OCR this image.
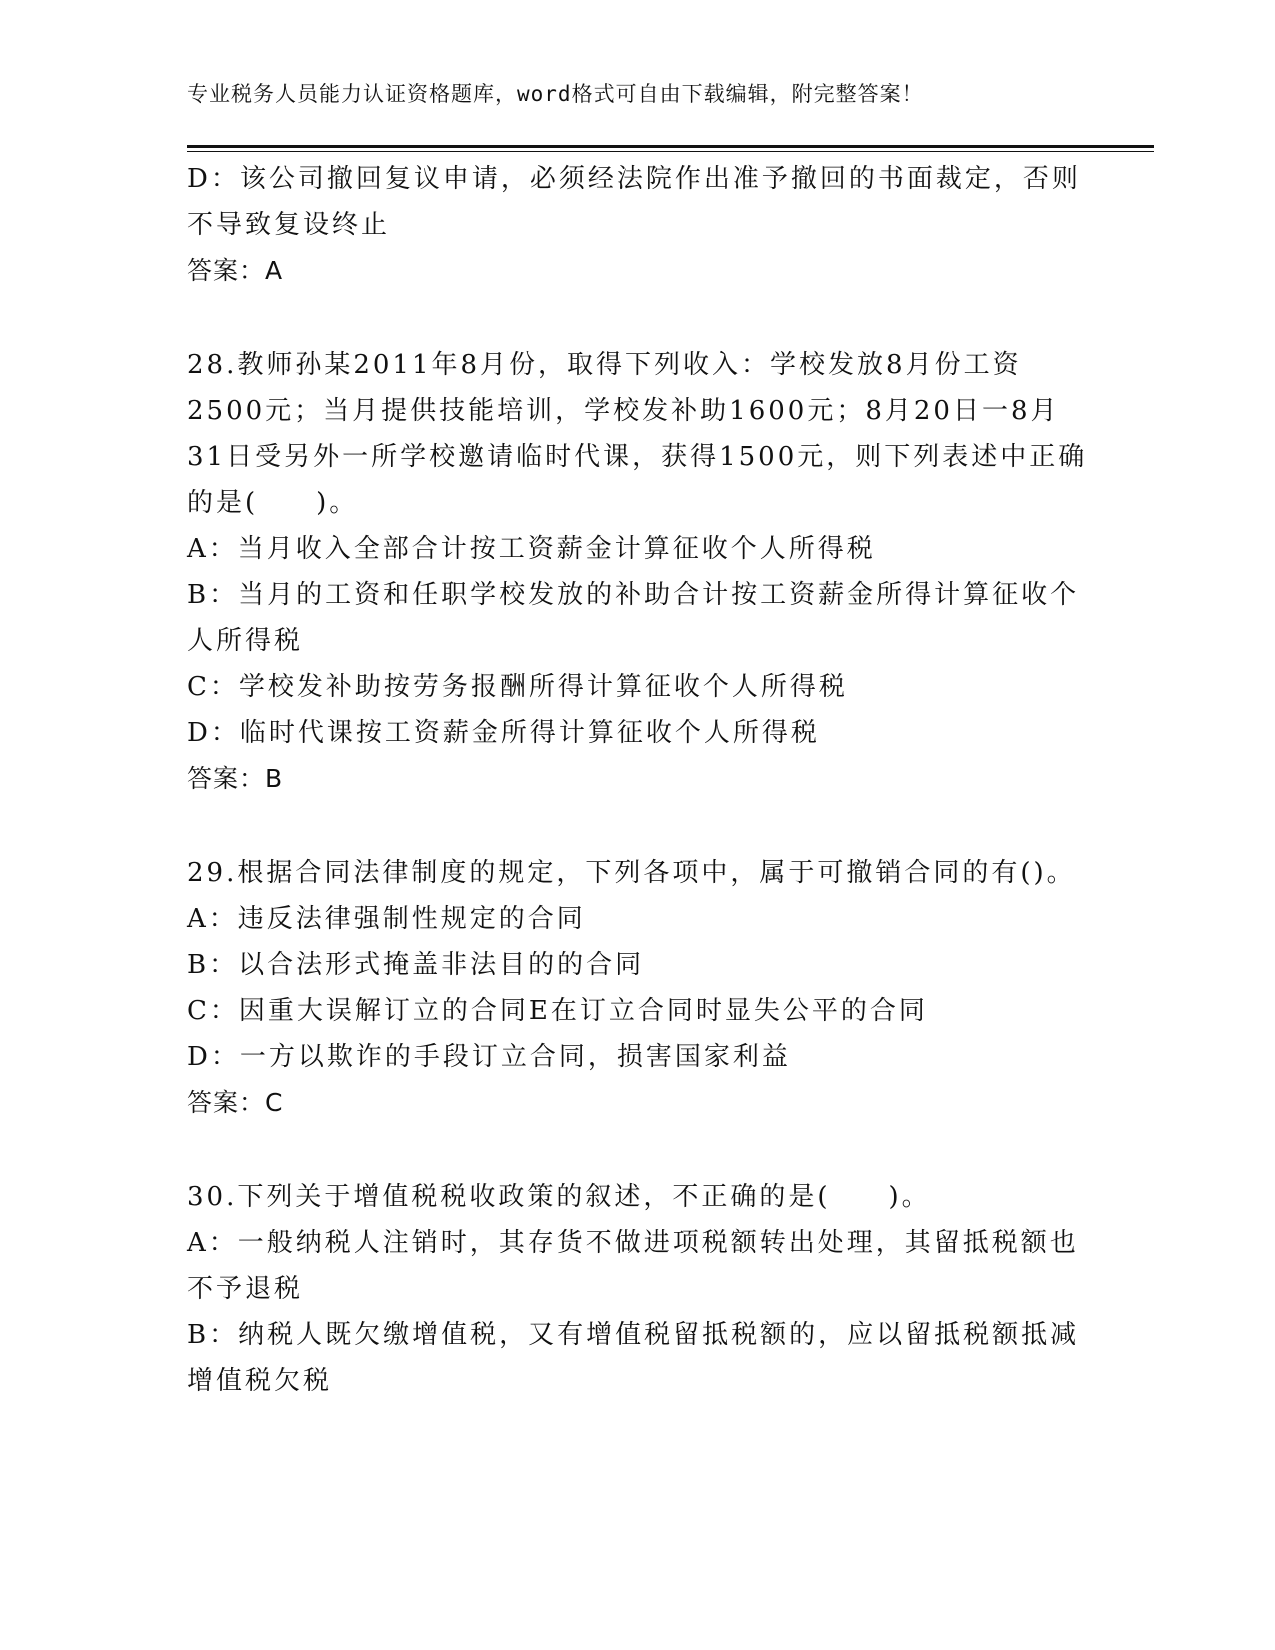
专业税务人员能力认证资格题库，word格式可自由下载编辑，附完整答案！
D：该公司撤回复议申请，必须经法院作出准予撤回的书面裁定，否则
不导致复设终止
答案：A
28.教师孙某2011年8月份，取得下列收入：学校发放8月份工资
2500元；当月提供技能培训，学校发补助1600元；8月20日一8月
31日受另外一所学校邀请临时代课，获得1500元，则下列表述中正确
的是(　　)。
A：当月收入全部合计按工资薪金计算征收个人所得税
B：当月的工资和任职学校发放的补助合计按工资薪金所得计算征收个
人所得税
C：学校发补助按劳务报酬所得计算征收个人所得税
D：临时代课按工资薪金所得计算征收个人所得税
答案：B
29.根据合同法律制度的规定，下列各项中，属于可撤销合同的有()。
A：违反法律强制性规定的合同
B：以合法形式掩盖非法目的的合同
C：因重大误解订立的合同E在订立合同时显失公平的合同
D：一方以欺诈的手段订立合同，损害国家利益
答案：C
30.下列关于增值税税收政策的叙述，不正确的是(　　)。
A：一般纳税人注销时，其存货不做进项税额转出处理，其留抵税额也
不予退税
B：纳税人既欠缴增值税，又有增值税留抵税额的，应以留抵税额抵减
增值税欠税
